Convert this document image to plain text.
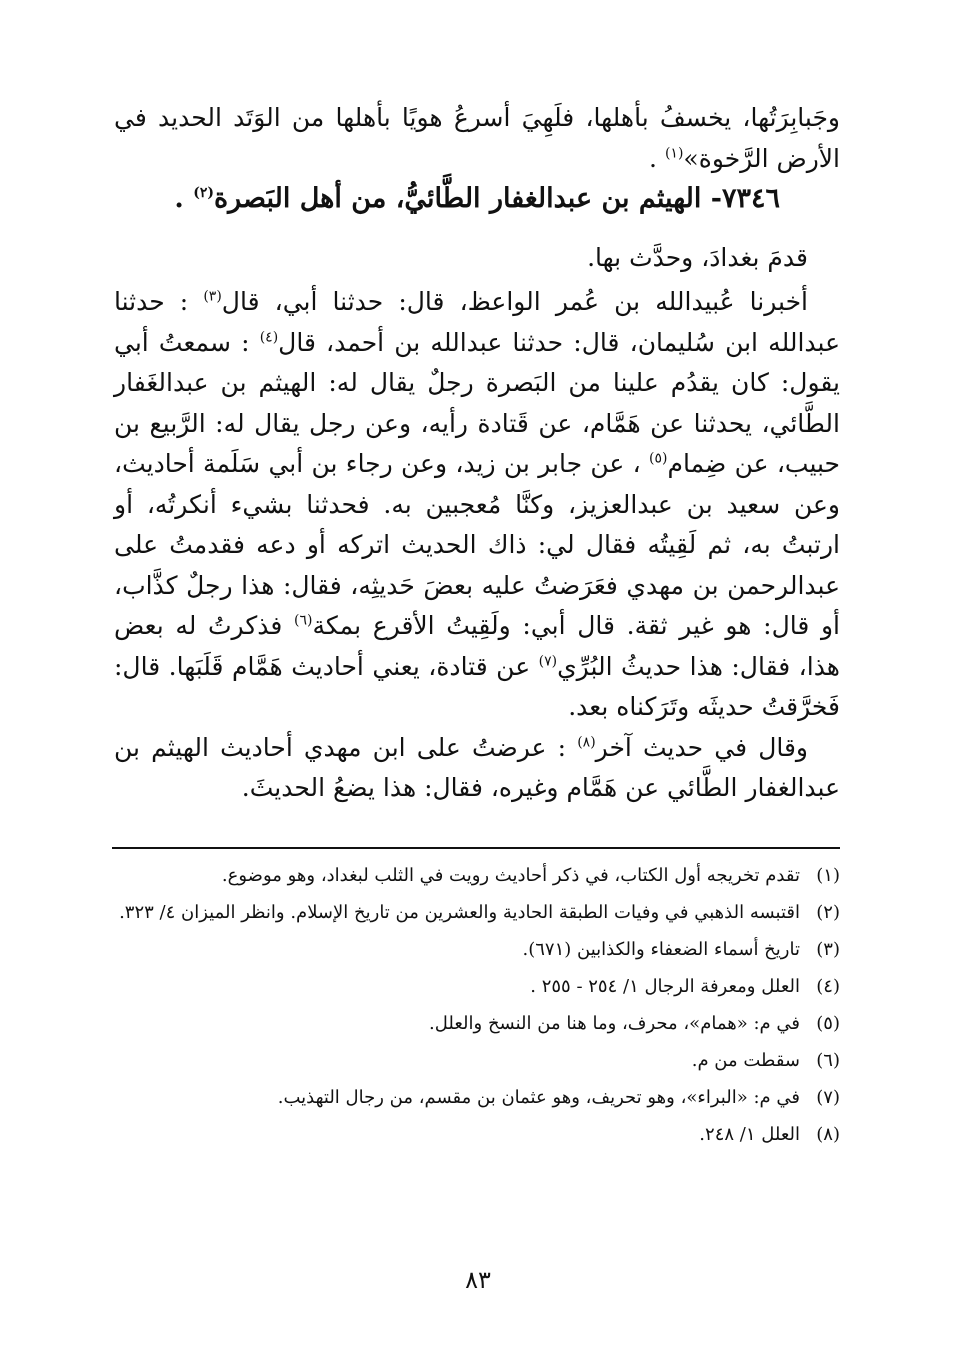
وجَبابِرَتُها، يخسفُ بأهلها، فلَهِيَ أسرعُ هويًا بأهلها من الوَتَد الحديد في الأرض الرَّخوة»$^{(١)}$ .

٧٣٤٦- الهيثم بن عبدالغفار الطَّائيُّ، من أهل البَصرة$^{(٢)}$ .

قدمَ بغدادَ، وحدَّث بها.

أخبرنا عُبيدالله بن عُمر الواعظ، قال: حدثنا أبي، قال$^{(٣)}$ : حدثنا عبدالله ابن سُليمان، قال: حدثنا عبدالله بن أحمد، قال$^{(٤)}$ : سمعتُ أبي يقول: كان يقدُم علينا من البَصرة رجلٌ يقال له: الهيثم بن عبدالغَفار الطَّائي، يحدثنا عن هَمَّام، عن قَتادة رأيه، وعن رجل يقال له: الرَّبيع بن حبيب، عن ضِمام$^{(٥)}$ ، عن جابر بن زيد، وعن رجاء بن أبي سَلَمة أحاديث، وعن سعيد بن عبدالعزيز، وكنَّا مُعجبين به. فحدثنا بشيء أنكرتُه، أو ارتبتُ به، ثم لَقِيتُه فقال لي: ذاك الحديث اتركه أو دعه فقدمتُ على عبدالرحمن بن مهدي فعَرَضتُ عليه بعضَ حَديثِه، فقال: هذا رجلٌ كذَّاب، أو قال: هو غير ثقة. قال أبي: ولَقِيتُ الأقرع بمكة$^{(٦)}$ فذكرتُ له بعض هذا، فقال: هذا حديثُ البُرِّي$^{(٧)}$ عن قتادة، يعني أحاديث هَمَّام قَلَبَها. قال: فَخرَّقتُ حديثَه وتَرَكناه بعد.

وقال في حديث آخر$^{(٨)}$ : عرضتُ على ابن مهدي أحاديث الهيثم بن عبدالغفار الطَّائي عن هَمَّام وغيره، فقال: هذا يضعُ الحديثَ.

(١)
تقدم تخريجه أول الكتاب، في ذكر أحاديث رويت في الثلب لبغداد، وهو موضوع.
(٢)
اقتبسه الذهبي في وفيات الطبقة الحادية والعشرين من تاريخ الإسلام. وانظر الميزان ٤/ ٣٢٣.
(٣)
تاريخ أسماء الضعفاء والكذابين (٦٧١).
(٤)
العلل ومعرفة الرجال ١/ ٢٥٤ - ٢٥٥ .
(٥)
في م: «همام»، محرف، وما هنا من النسخ والعلل.
(٦)
سقطت من م.
(٧)
في م: «البراء»، وهو تحريف، وهو عثمان بن مقسم، من رجال التهذيب.
(٨)
العلل ١/ ٢٤٨.
٨٣
